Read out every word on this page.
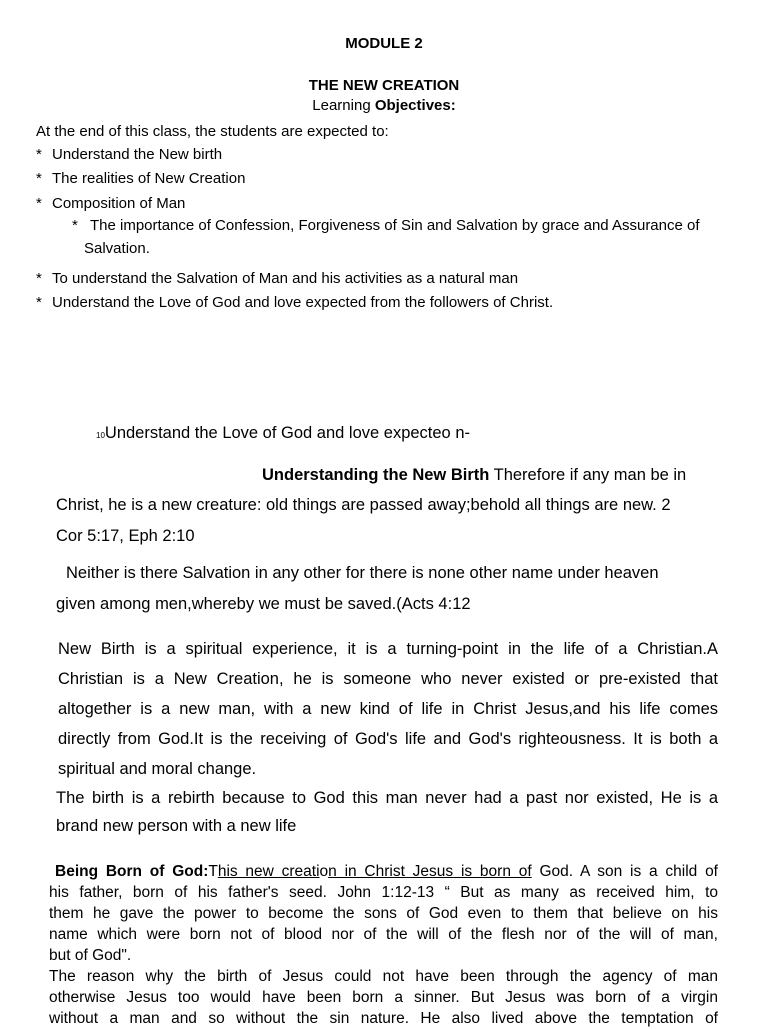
MODULE 2

THE NEW CREATION

Learning Objectives:

At the end of this class, the students are expected to:

* Understand the New birth
* The realities of New Creation
* Composition of Man
* The importance of Confession, Forgiveness of Sin and Salvation by grace and Assurance of

Salvation.

* To understand the Salvation of Man and his activities as a natural man
* Understand the Love of God and love expected from the followers of Christ.

10Understand the Love of God and love expecteo n-

Understanding the New Birth Therefore if any man be in

Christ, he is a new creature: old things are passed away;behold all things are new. 2

Cor 5:17, Eph 2:10

Neither is there Salvation in any other for there is none other name under heaven

given among men,whereby we must be saved.(Acts 4:12

New Birth is a spiritual experience, it is a turning-point in the life of a Christian.A
Christian is a New Creation, he is someone who never existed or pre-existed that
altogether is a new man, with a new kind of life in Christ Jesus,and his life comes
directly from God.It is the receiving of God's life and God's righteousness. It is both a
spiritual and moral change.
The birth is a rebirth because to God this man never had a past nor existed, He is a
brand new person with a new life
Being Born of God:This new creation in Christ Jesus is born of God. A son is a child of
his father, born of his father's seed. John 1:12-13 “ But as many as received him, to
them he gave the power to become the sons of God even to them that believe on his
name which were born not of blood nor of the will of the flesh nor of the will of man,
but of God".
The reason why the birth of Jesus could not have been through the agency of man
otherwise Jesus too would have been born a sinner. But Jesus was born of a virgin
without a man and so without the sin nature. He also lived above the temptation of
